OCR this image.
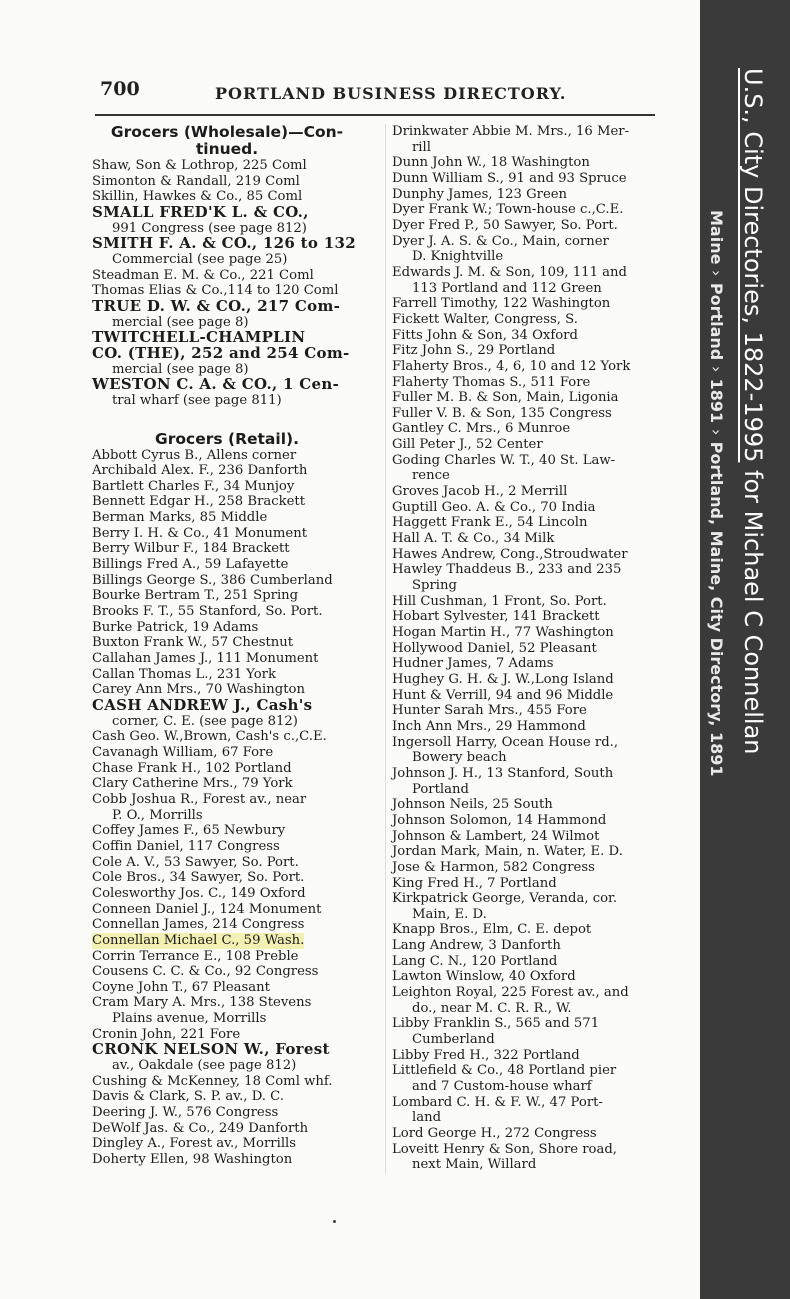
700	PORTLAND BUSINESS DIRECTORY.
Grocers (Wholesale)—Con-
tinued.
Shaw, Son & Lothrop, 225 Coml
Simonton & Randall, 219 Coml
Skillin, Hawkes & Co., 85 Coml
SMALL FRED'K L. & CO.,
991 Congress (see page 812)
SMITH F. A. & CO., 126 to 132
Commercial (see page 25)
Steadman E. M. & Co., 221 Coml
Thomas Elias & Co.,114 to 120 Coml
TRUE D. W. & CO., 217 Com-
mercial (see page 8)
TWITCHELL-CHAMPLIN
CO. (THE), 252 and 254 Com-
mercial (see page 8)
WESTON C. A. & CO., 1 Cen-
tral wharf (see page 811)
Grocers (Retail).
Abbott Cyrus B., Allens corner
Archibald Alex. F., 236 Danforth
Bartlett Charles F., 34 Munjoy
Bennett Edgar H., 258 Brackett
Berman Marks, 85 Middle
Berry I. H. & Co., 41 Monument
Berry Wilbur F., 184 Brackett
Billings Fred A., 59 Lafayette
Billings George S., 386 Cumberland
Bourke Bertram T., 251 Spring
Brooks F. T., 55 Stanford, So. Port.
Burke Patrick, 19 Adams
Buxton Frank W., 57 Chestnut
Callahan James J., 111 Monument
Callan Thomas L., 231 York
Carey Ann Mrs., 70 Washington
CASH ANDREW J., Cash's
corner, C. E. (see page 812)
Cash Geo. W.,Brown, Cash's c.,C.E.
Cavanagh William, 67 Fore
Chase Frank H., 102 Portland
Clary Catherine Mrs., 79 York
Cobb Joshua R., Forest av., near
P. O., Morrills
Coffey James F., 65 Newbury
Coffin Daniel, 117 Congress
Cole A. V., 53 Sawyer, So. Port.
Cole Bros., 34 Sawyer, So. Port.
Colesworthy Jos. C., 149 Oxford
Conneen Daniel J., 124 Monument
Connellan James, 214 Congress
Connellan Michael C., 59 Wash.
Corrin Terrance E., 108 Preble
Cousens C. C. & Co., 92 Congress
Coyne John T., 67 Pleasant
Cram Mary A. Mrs., 138 Stevens
Plains avenue, Morrills
Cronin John, 221 Fore
CRONK NELSON W., Forest
av., Oakdale (see page 812)
Cushing & McKenney, 18 Coml whf.
Davis & Clark, S. P. av., D. C.
Deering J. W., 576 Congress
DeWolf Jas. & Co., 249 Danforth
Dingley A., Forest av., Morrills
Doherty Ellen, 98 Washington
Drinkwater Abbie M. Mrs., 16 Mer-
rill
Dunn John W., 18 Washington
Dunn William S., 91 and 93 Spruce
Dunphy James, 123 Green
Dyer Frank W.; Town-house c.,C.E.
Dyer Fred P., 50 Sawyer, So. Port.
Dyer J. A. S. & Co., Main, corner
D. Knightville
Edwards J. M. & Son, 109, 111 and
113 Portland and 112 Green
Farrell Timothy, 122 Washington
Fickett Walter, Congress, S.
Fitts John & Son, 34 Oxford
Fitz John S., 29 Portland
Flaherty Bros., 4, 6, 10 and 12 York
Flaherty Thomas S., 511 Fore
Fuller M. B. & Son, Main, Ligonia
Fuller V. B. & Son, 135 Congress
Gantley C. Mrs., 6 Munroe
Gill Peter J., 52 Center
Goding Charles W. T., 40 St. Law-
rence
Groves Jacob H., 2 Merrill
Guptill Geo. A. & Co., 70 India
Haggett Frank E., 54 Lincoln
Hall A. T. & Co., 34 Milk
Hawes Andrew, Cong.,Stroudwater
Hawley Thaddeus B., 233 and 235
Spring
Hill Cushman, 1 Front, So. Port.
Hobart Sylvester, 141 Brackett
Hogan Martin H., 77 Washington
Hollywood Daniel, 52 Pleasant
Hudner James, 7 Adams
Hughey G. H. & J. W.,Long Island
Hunt & Verrill, 94 and 96 Middle
Hunter Sarah Mrs., 455 Fore
Inch Ann Mrs., 29 Hammond
Ingersoll Harry, Ocean House rd.,
Bowery beach
Johnson J. H., 13 Stanford, South
Portland
Johnson Neils, 25 South
Johnson Solomon, 14 Hammond
Johnson & Lambert, 24 Wilmot
Jordan Mark, Main, n. Water, E. D.
Jose & Harmon, 582 Congress
King Fred H., 7 Portland
Kirkpatrick George, Veranda, cor.
Main, E. D.
Knapp Bros., Elm, C. E. depot
Lang Andrew, 3 Danforth
Lang C. N., 120 Portland
Lawton Winslow, 40 Oxford
Leighton Royal, 225 Forest av., and
do., near M. C. R. R., W.
Libby Franklin S., 565 and 571
Cumberland
Libby Fred H., 322 Portland
Littlefield & Co., 48 Portland pier
and 7 Custom-house wharf
Lombard C. H. & F. W., 47 Port-
land
Lord George H., 272 Congress
Loveitt Henry & Son, Shore road,
next Main, Willard
U.S., City Directories, 1822-1995 for Michael C Connellan
Maine›Portland›1891›Portland, Maine, City Directory, 1891
